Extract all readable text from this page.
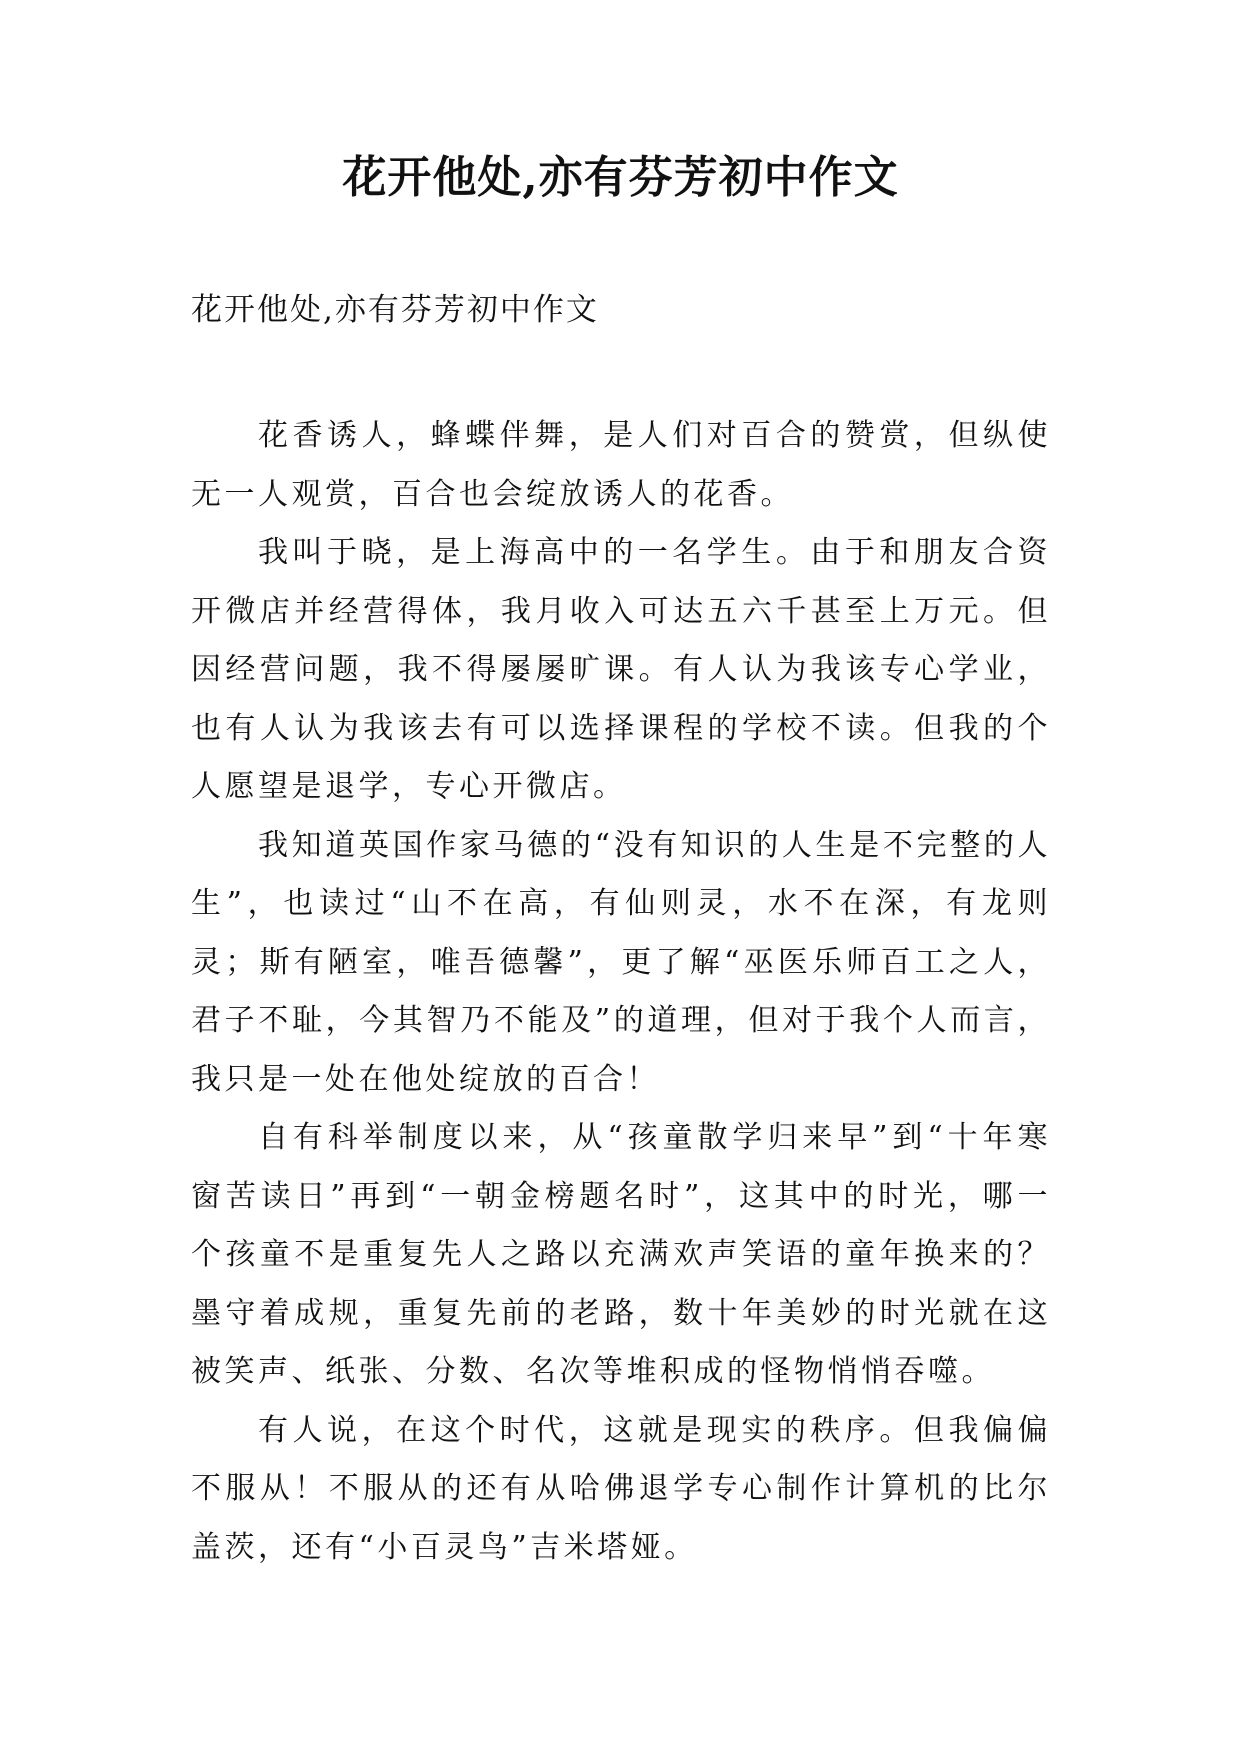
花开他处,亦有芬芳初中作文
花开他处,亦有芬芳初中作文

花香诱人，蜂蝶伴舞，是人们对百合的赞赏，但纵使无一人观赏，百合也会绽放诱人的花香。

我叫于晓，是上海高中的一名学生。由于和朋友合资开微店并经营得体，我月收入可达五六千甚至上万元。但因经营问题，我不得屡屡旷课。有人认为我该专心学业，也有人认为我该去有可以选择课程的学校不读。但我的个人愿望是退学，专心开微店。

我知道英国作家马德的“没有知识的人生是不完整的人生”，也读过“山不在高，有仙则灵，水不在深，有龙则灵；斯有陋室，唯吾德馨”，更了解“巫医乐师百工之人，君子不耻，今其智乃不能及”的道理，但对于我个人而言，我只是一处在他处绽放的百合！

自有科举制度以来，从“孩童散学归来早”到“十年寒窗苦读日”再到“一朝金榜题名时”，这其中的时光，哪一个孩童不是重复先人之路以充满欢声笑语的童年换来的？墨守着成规，重复先前的老路，数十年美妙的时光就在这被笑声、纸张、分数、名次等堆积成的怪物悄悄吞噬。

有人说，在这个时代，这就是现实的秩序。但我偏偏不服从！不服从的还有从哈佛退学专心制作计算机的比尔盖茨，还有“小百灵鸟”吉米塔娅。
